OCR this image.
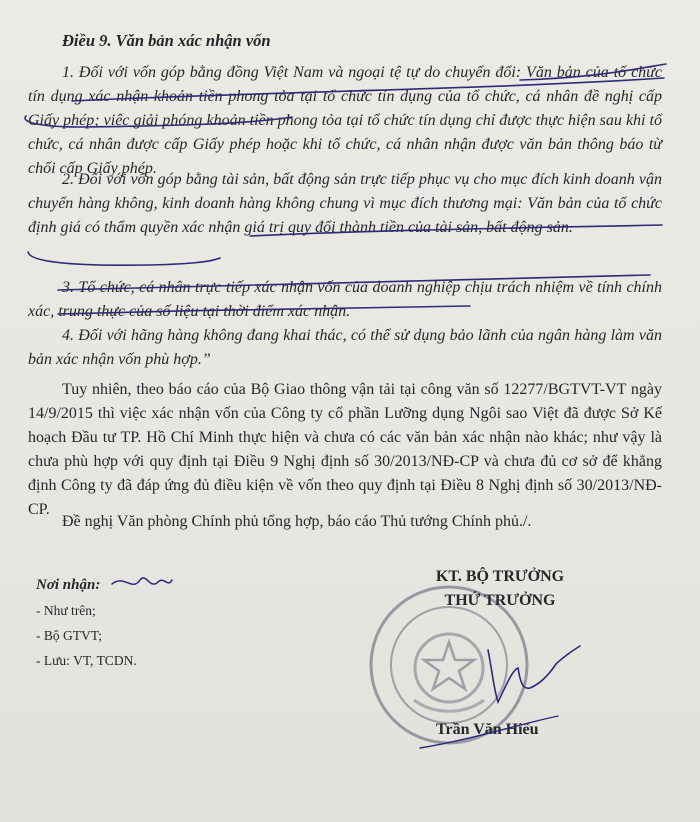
Điều 9. Văn bản xác nhận vốn

1. Đối với vốn góp bằng đồng Việt Nam và ngoại tệ tự do chuyển đổi: Văn bản của tổ chức tín dụng xác nhận khoản tiền phong tỏa tại tổ chức tín dụng của tổ chức, cá nhân đề nghị cấp Giấy phép; việc giải phóng khoản tiền phong tỏa tại tổ chức tín dụng chỉ được thực hiện sau khi tổ chức, cá nhân được cấp Giấy phép hoặc khi tổ chức, cá nhân nhận được văn bản thông báo từ chối cấp Giấy phép.

2. Đối với vốn góp bằng tài sản, bất động sản trực tiếp phục vụ cho mục đích kinh doanh vận chuyển hàng không, kinh doanh hàng không chung vì mục đích thương mại: Văn bản của tổ chức định giá có thẩm quyền xác nhận giá trị quy đổi thành tiền của tài sản, bất động sản.

3. Tổ chức, cá nhân trực tiếp xác nhận vốn của doanh nghiệp chịu trách nhiệm về tính chính xác, trung thực của số liệu tại thời điểm xác nhận.

4. Đối với hãng hàng không đang khai thác, có thể sử dụng bảo lãnh của ngân hàng làm văn bản xác nhận vốn phù hợp.”

Tuy nhiên, theo báo cáo của Bộ Giao thông vận tải tại công văn số 12277/BGTVT-VT ngày 14/9/2015 thì việc xác nhận vốn của Công ty cổ phần Lưỡng dụng Ngôi sao Việt đã được Sở Kế hoạch Đầu tư TP. Hồ Chí Minh thực hiện và chưa có các văn bản xác nhận nào khác; như vậy là chưa phù hợp với quy định tại Điều 9 Nghị định số 30/2013/NĐ-CP và chưa đủ cơ sở để khẳng định Công ty đã đáp ứng đủ điều kiện về vốn theo quy định tại Điều 8 Nghị định số 30/2013/NĐ-CP.

Đề nghị Văn phòng Chính phủ tổng hợp, báo cáo Thủ tướng Chính phủ./.

Nơi nhận:
- Như trên;
- Bộ GTVT;
- Lưu: VT, TCDN.
KT. BỘ TRƯỞNG
THỨ TRƯỞNG
Trần Văn Hiếu
